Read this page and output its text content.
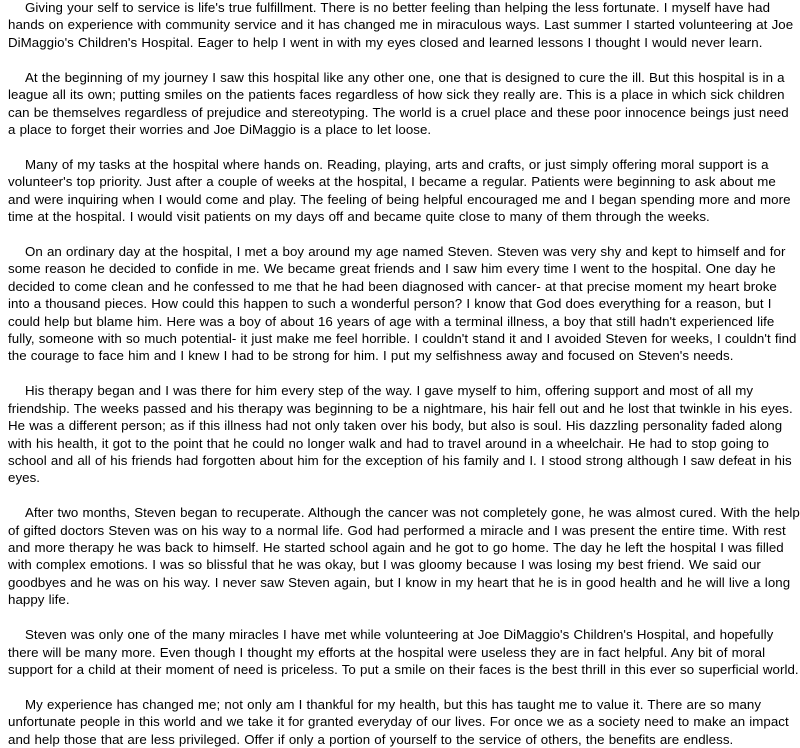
Giving your self to service is life's true fulfillment. There is no better feeling than helping the less fortunate. I myself have had hands on experience with community service and it has changed me in miraculous ways. Last summer I started volunteering at Joe DiMaggio's Children's Hospital. Eager to help I went in with my eyes closed and learned lessons I thought I would never learn.

At the beginning of my journey I saw this hospital like any other one, one that is designed to cure the ill. But this hospital is in a league all its own; putting smiles on the patients faces regardless of how sick they really are. This is a place in which sick children can be themselves regardless of prejudice and stereotyping. The world is a cruel place and these poor innocence beings just need a place to forget their worries and Joe DiMaggio is a place to let loose.

Many of my tasks at the hospital where hands on. Reading, playing, arts and crafts, or just simply offering moral support is a volunteer's top priority. Just after a couple of weeks at the hospital, I became a regular. Patients were beginning to ask about me and were inquiring when I would come and play. The feeling of being helpful encouraged me and I began spending more and more time at the hospital. I would visit patients on my days off and became quite close to many of them through the weeks.

On an ordinary day at the hospital, I met a boy around my age named Steven. Steven was very shy and kept to himself and for some reason he decided to confide in me. We became great friends and I saw him every time I went to the hospital. One day he decided to come clean and he confessed to me that he had been diagnosed with cancer- at that precise moment my heart broke into a thousand pieces. How could this happen to such a wonderful person? I know that God does everything for a reason, but I could help but blame him. Here was a boy of about 16 years of age with a terminal illness, a boy that still hadn't experienced life fully, someone with so much potential- it just make me feel horrible. I couldn't stand it and I avoided Steven for weeks, I couldn't find the courage to face him and I knew I had to be strong for him. I put my selfishness away and focused on Steven's needs.

His therapy began and I was there for him every step of the way. I gave myself to him, offering support and most of all my friendship. The weeks passed and his therapy was beginning to be a nightmare, his hair fell out and he lost that twinkle in his eyes. He was a different person; as if this illness had not only taken over his body, but also is soul. His dazzling personality faded along with his health, it got to the point that he could no longer walk and had to travel around in a wheelchair. He had to stop going to school and all of his friends had forgotten about him for the exception of his family and I. I stood strong although I saw defeat in his eyes.

After two months, Steven began to recuperate. Although the cancer was not completely gone, he was almost cured. With the help of gifted doctors Steven was on his way to a normal life. God had performed a miracle and I was present the entire time. With rest and more therapy he was back to himself. He started school again and he got to go home. The day he left the hospital I was filled with complex emotions. I was so blissful that he was okay, but I was gloomy because I was losing my best friend. We said our goodbyes and he was on his way. I never saw Steven again, but I know in my heart that he is in good health and he will live a long happy life.

Steven was only one of the many miracles I have met while volunteering at Joe DiMaggio's Children's Hospital, and hopefully there will be many more. Even though I thought my efforts at the hospital were useless they are in fact helpful. Any bit of moral support for a child at their moment of need is priceless. To put a smile on their faces is the best thrill in this ever so superficial world.

My experience has changed me; not only am I thankful for my health, but this has taught me to value it. There are so many unfortunate people in this world and we take it for granted everyday of our lives. For once we as a society need to make an impact and help those that are less privileged. Offer if only a portion of yourself to the service of others, the benefits are endless.
